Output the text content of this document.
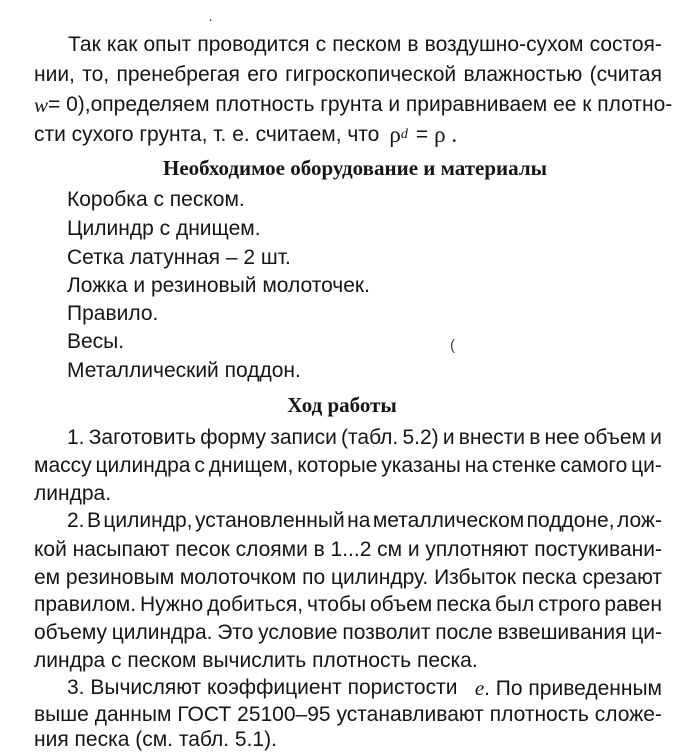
Так как опыт проводится с песком в воздушно-сухом состоя-
нии, то, пренебрегая его гигроскопической влажностью (считая
w = 0),определяем плотность грунта и приравниваем ее к плотно-
сти сухого грунта, т. е. считаем, что ρ d = ρ .
Необходимое оборудование и материалы
Коробка с песком.
Цилиндр с днищем.
Сетка латунная – 2 шт.
Ложка и резиновый молоточек.
Правило.
Весы.
Металлический поддон.
Ход работы
1. Заготовить форму записи (табл. 5.2) и внести в нее объем и
массу цилиндра с днищем, которые указаны на стенке самого ци-
линдра.
2. В цилиндр, установленный на металлическом поддоне, лож-
кой насыпают песок слоями в 1...2 см и уплотняют постукивани-
ем резиновым молоточком по цилиндру. Избыток песка срезают
правилом. Нужно добиться, чтобы объем песка был строго равен
объему цилиндра. Это условие позволит после взвешивания ци-
линдра с песком вычислить плотность песка.
3. Вычисляют коэффициент пористости e. По приведенным
выше данным ГОСТ 25100–95 устанавливают плотность сложе-
ния песка (см. табл. 5.1).
·
(
